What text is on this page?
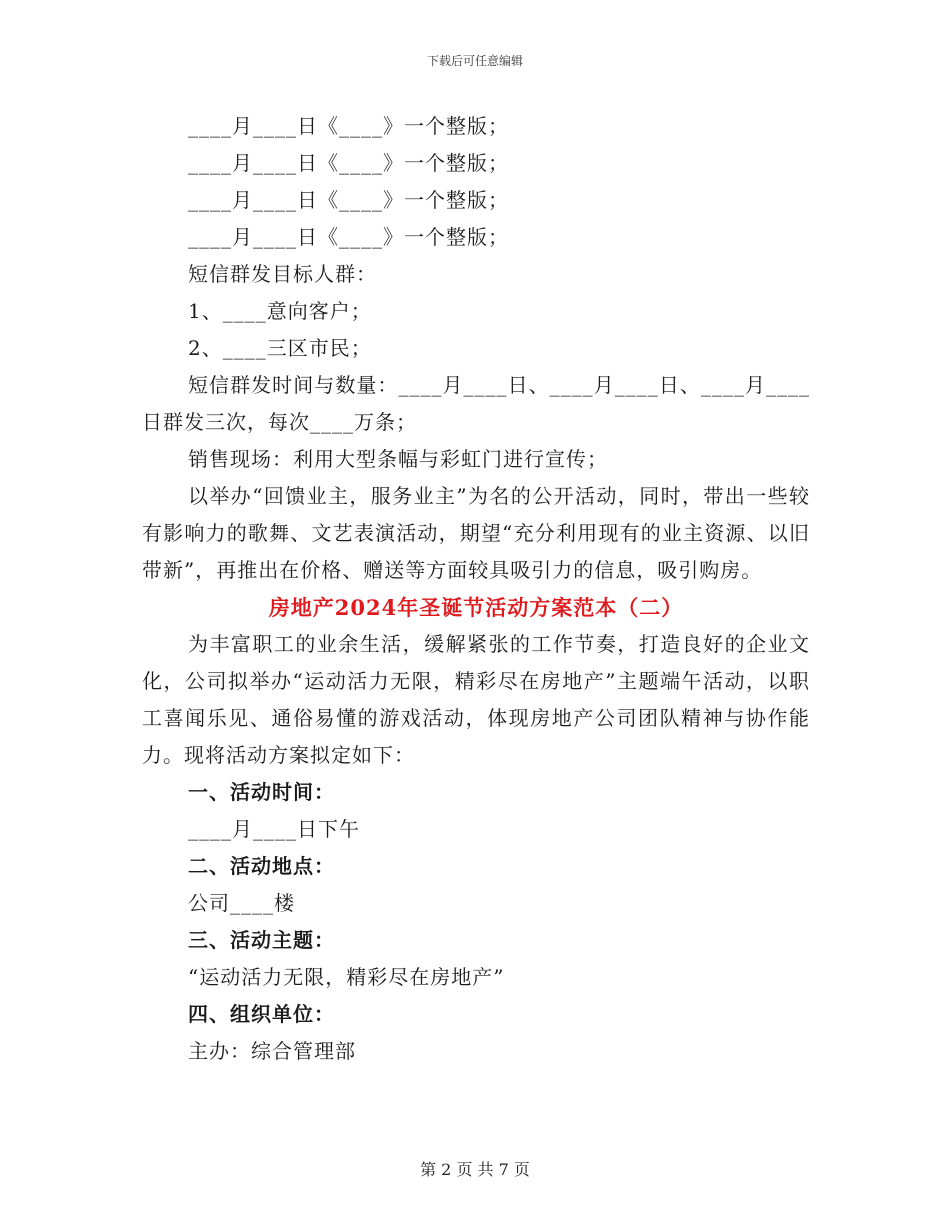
下载后可任意编辑
____月____日《____》一个整版；
____月____日《____》一个整版；
____月____日《____》一个整版；
____月____日《____》一个整版；
短信群发目标人群：
1、____意向客户；
2、____三区市民；

短信群发时间与数量：____月____日、____月____日、____月____日群发三次，每次____万条；

销售现场：利用大型条幅与彩虹门进行宣传；

以举办“回馈业主，服务业主”为名的公开活动，同时，带出一些较有影响力的歌舞、文艺表演活动，期望“充分利用现有的业主资源、以旧带新”，再推出在价格、赠送等方面较具吸引力的信息，吸引购房。

房地产2024年圣诞节活动方案范本（二）

为丰富职工的业余生活，缓解紧张的工作节奏，打造良好的企业文化，公司拟举办“运动活力无限，精彩尽在房地产”主题端午活动，以职工喜闻乐见、通俗易懂的游戏活动，体现房地产公司团队精神与协作能力。现将活动方案拟定如下：

一、活动时间：
____月____日下午
二、活动地点：
公司____楼
三、活动主题：
“运动活力无限，精彩尽在房地产”
四、组织单位：
主办：综合管理部
第 2 页 共 7 页
